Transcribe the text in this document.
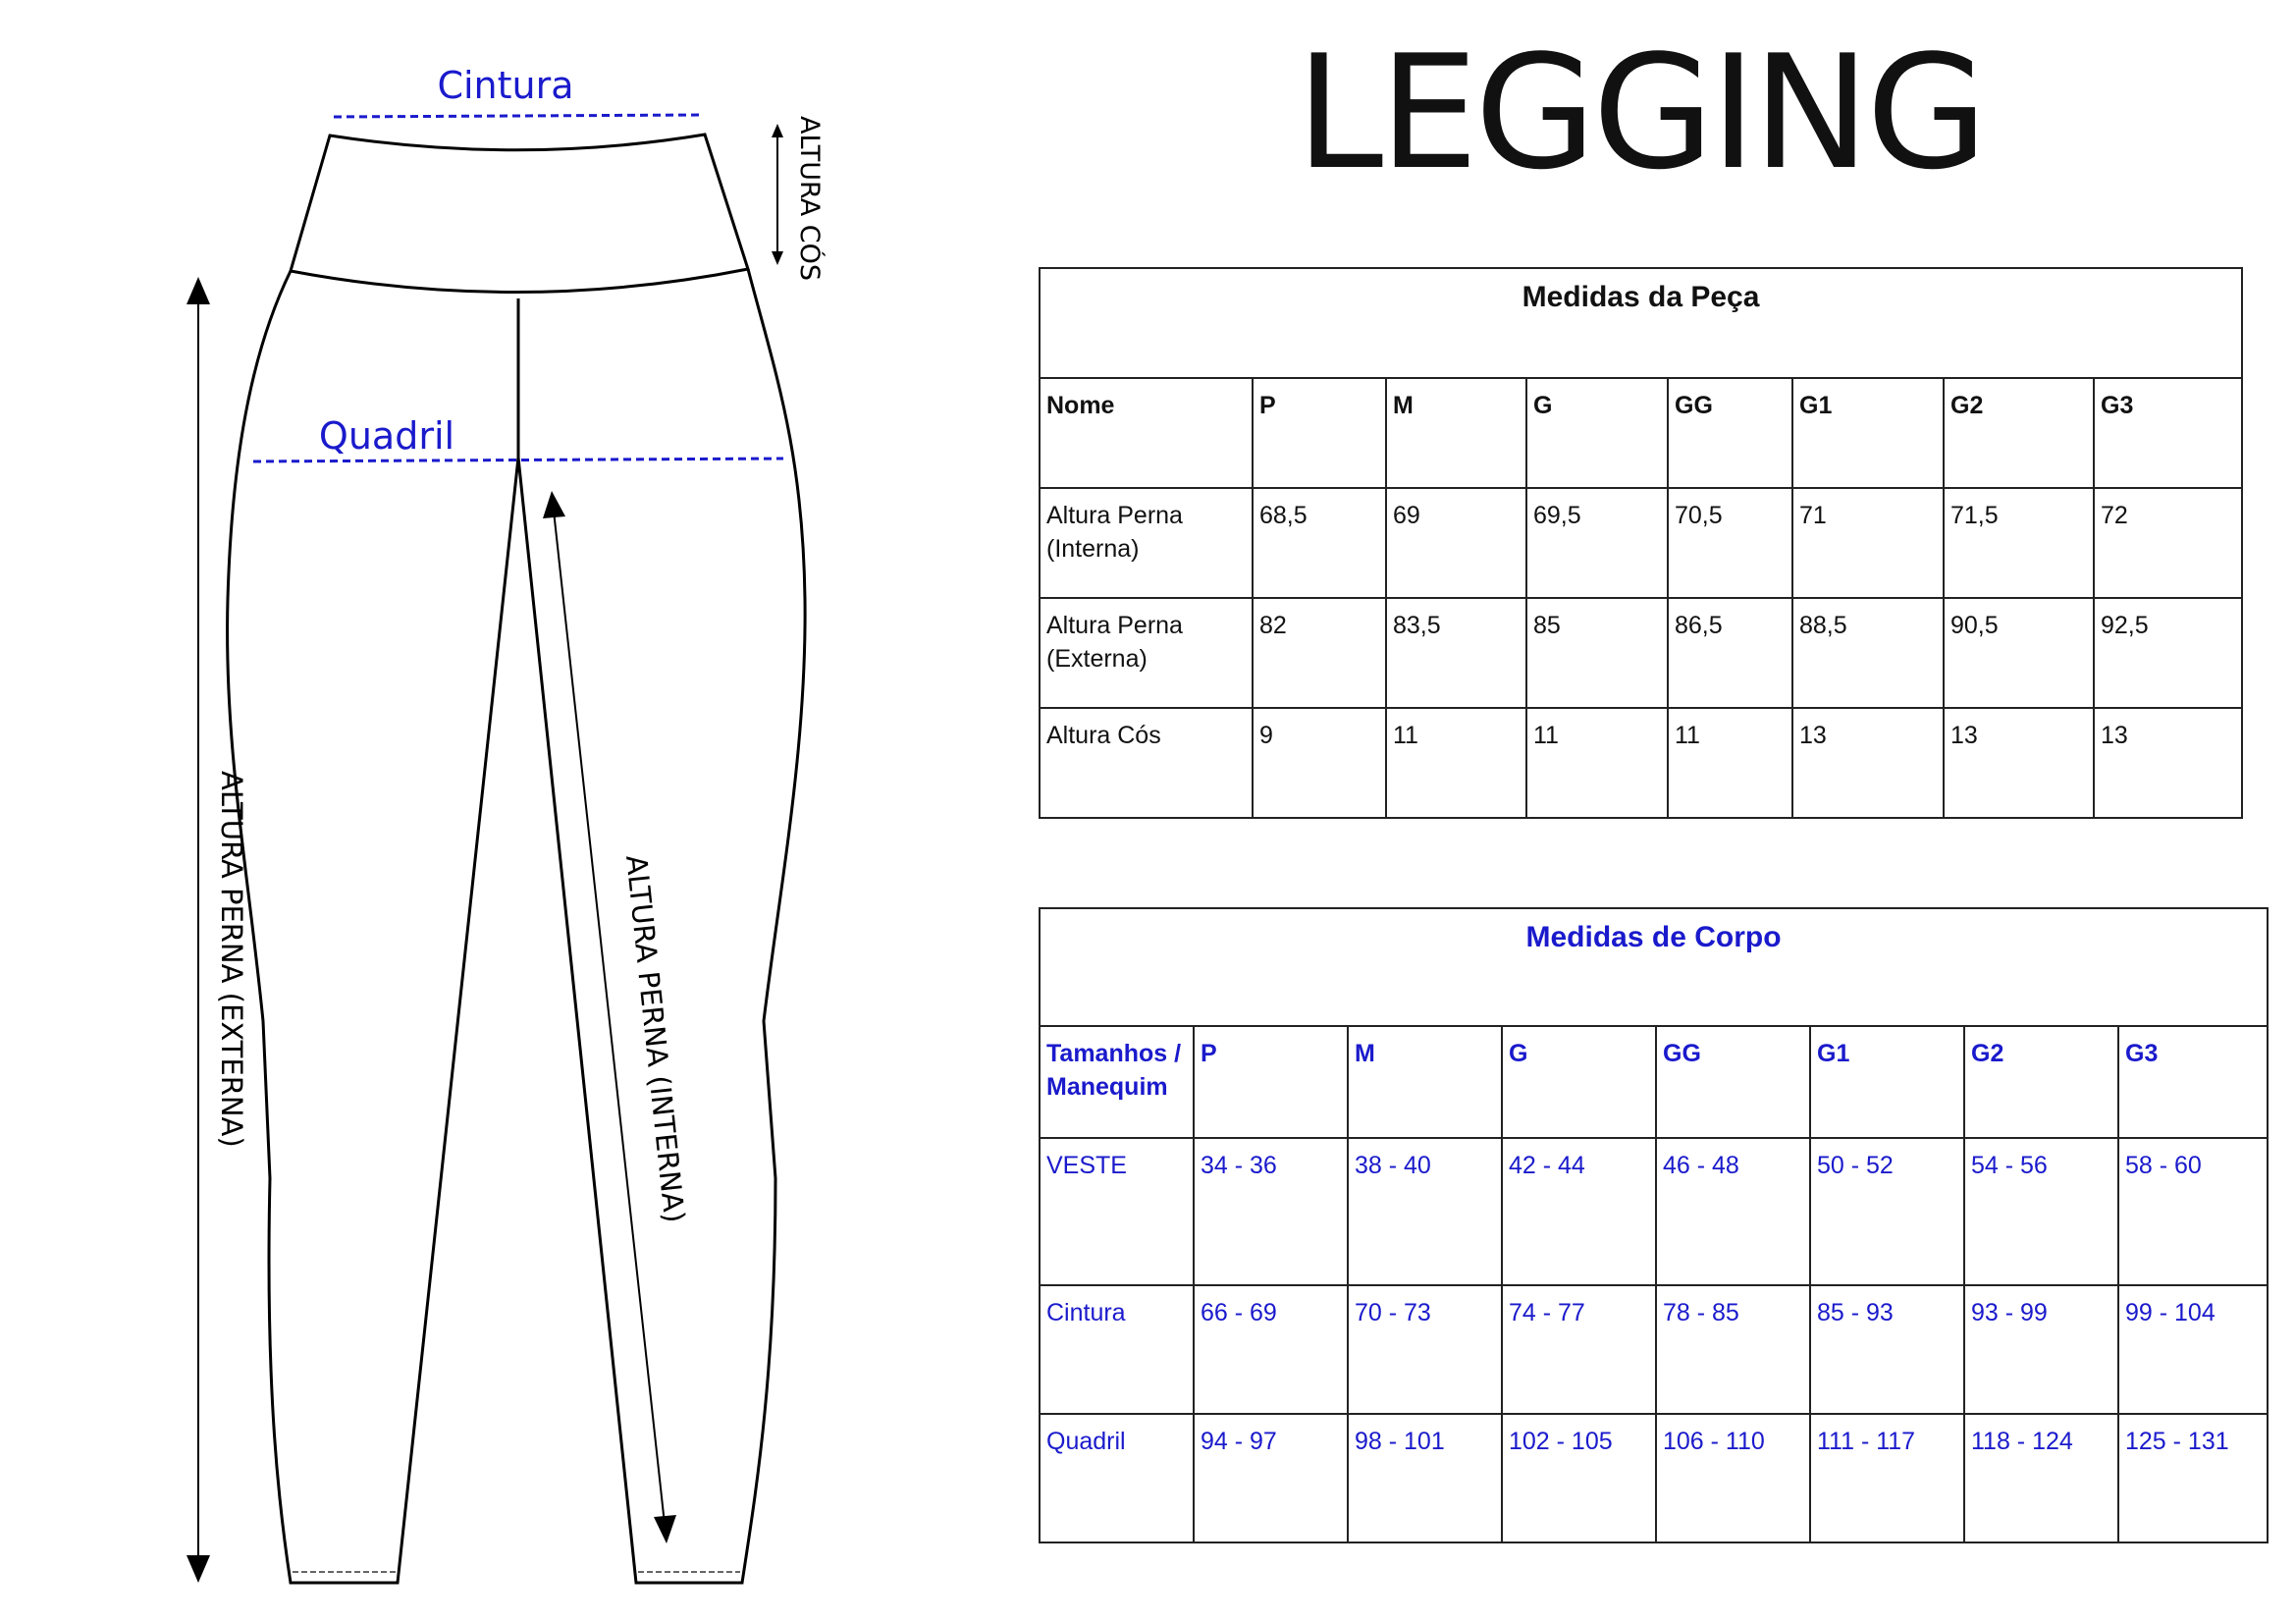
Cintura
Quadril
ALTURA CÓS
ALTURA PERNA (EXTERNA)	ALTURA PERNA (INTERNA)
LEGGING
Medidas da Peça							
Nome	P	M	G	GG	G1	G2	G3
Altura Perna (Interna)	68,5	69	69,5	70,5	71	71,5	72
Altura Perna (Externa)	82	83,5	85	86,5	88,5	90,5	92,5
Altura Cós	9	11	11	11	13	13	13
Medidas de Corpo							
Tamanhos / Manequim	P	M	G	GG	G1	G2	G3
VESTE	34 - 36	38 - 40	42 - 44	46 - 48	50 - 52	54 - 56	58 - 60
Cintura	66 - 69	70 - 73	74 - 77	78 - 85	85 - 93	93 - 99	99 - 104
Quadril	94 - 97	98 - 101	102 - 105	106 - 110	111 - 117	118 - 124	125 - 131
